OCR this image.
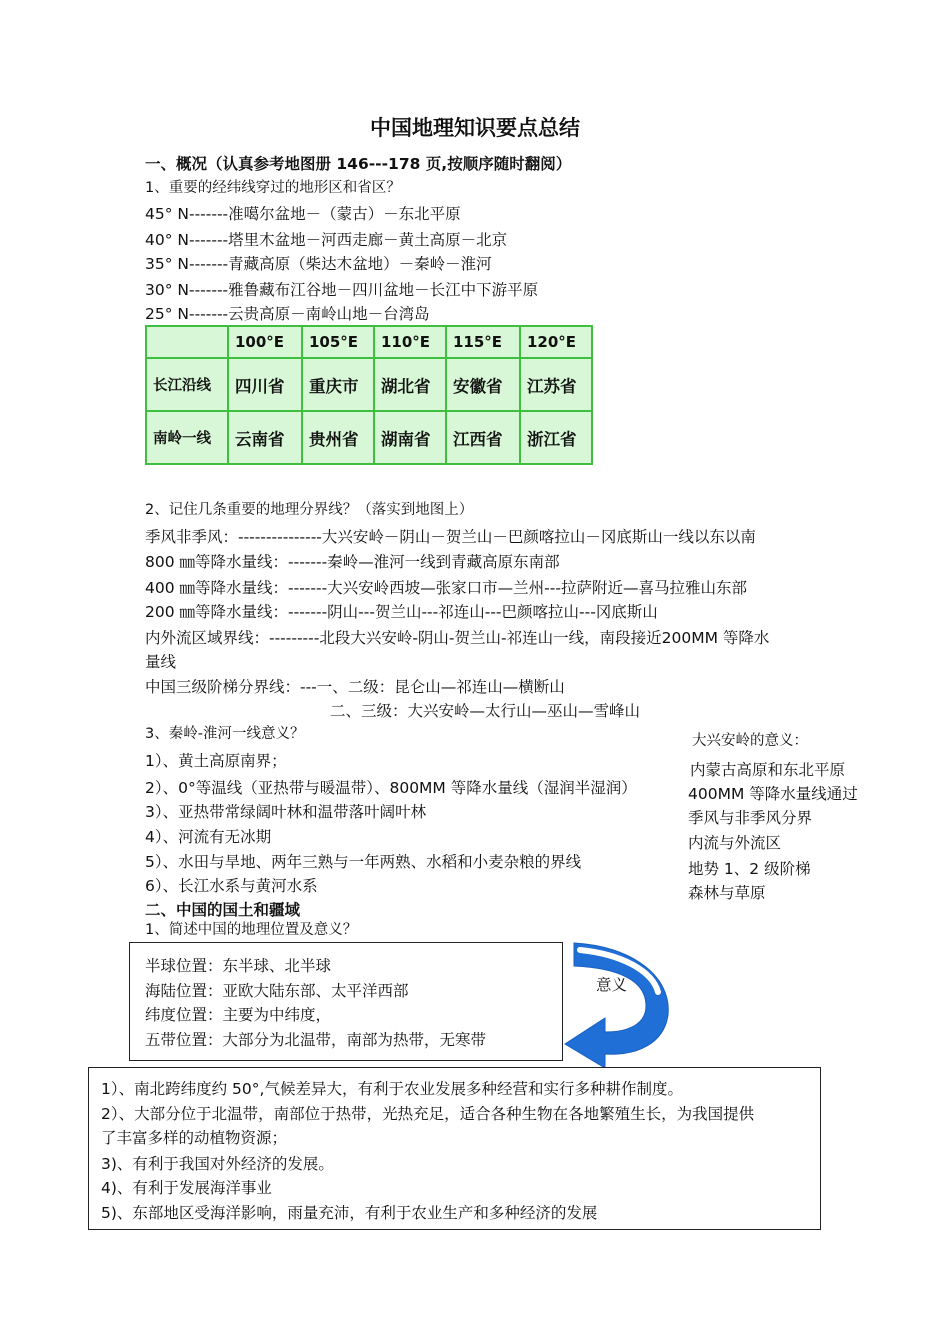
中国地理知识要点总结
一、概况（认真参考地图册 146---178 页,按顺序随时翻阅）
1、重要的经纬线穿过的地形区和省区？
45° N-------准噶尔盆地－（蒙古）－东北平原
40° N-------塔里木盆地－河西走廊－黄土高原－北京
35° N-------青藏高原（柴达木盆地）－秦岭－淮河
30° N-------雅鲁藏布江谷地－四川盆地－长江中下游平原
25° N-------云贵高原－南岭山地－台湾岛
	100°E	105°E	110°E	115°E	120°E
长江沿线	四川省	重庆市	湖北省	安徽省	江苏省
南岭一线	云南省	贵州省	湖南省	江西省	浙江省
2、记住几条重要的地理分界线？（落实到地图上）
季风非季风：---------------大兴安岭－阴山－贺兰山－巴颜喀拉山－冈底斯山一线以东以南
800 ㎜等降水量线：-------秦岭—淮河一线到青藏高原东南部
400 ㎜等降水量线：-------大兴安岭西坡—张家口市—兰州---拉萨附近—喜马拉雅山东部
200 ㎜等降水量线：-------阴山---贺兰山---祁连山---巴颜喀拉山---冈底斯山
内外流区域界线：---------北段大兴安岭-阴山-贺兰山-祁连山一线，南段接近200MM 等降水
量线
中国三级阶梯分界线：---一、二级：昆仑山—祁连山—横断山
二、三级：大兴安岭—太行山—巫山—雪峰山
3、秦岭-淮河一线意义？
1）、黄土高原南界；
2）、0°等温线（亚热带与暖温带）、800MM 等降水量线（湿润半湿润）
3）、亚热带常绿阔叶林和温带落叶阔叶林
4）、河流有无冰期
5）、水田与旱地、两年三熟与一年两熟、水稻和小麦杂粮的界线
6）、长江水系与黄河水系
大兴安岭的意义：
内蒙古高原和东北平原
400MM 等降水量线通过
季风与非季风分界
内流与外流区
地势 1、2 级阶梯
森林与草原
二、中国的国土和疆域
1、简述中国的地理位置及意义？
半球位置：东半球、北半球
海陆位置：亚欧大陆东部、太平洋西部
纬度位置：主要为中纬度，
五带位置：大部分为北温带，南部为热带，无寒带
意义
1）、南北跨纬度约 50°,气候差异大，有利于农业发展多种经营和实行多种耕作制度。
2）、大部分位于北温带，南部位于热带，光热充足，适合各种生物在各地繁殖生长，为我国提供
了丰富多样的动植物资源；
3)、有利于我国对外经济的发展。
4)、有利于发展海洋事业
5)、东部地区受海洋影响，雨量充沛，有利于农业生产和多种经济的发展
